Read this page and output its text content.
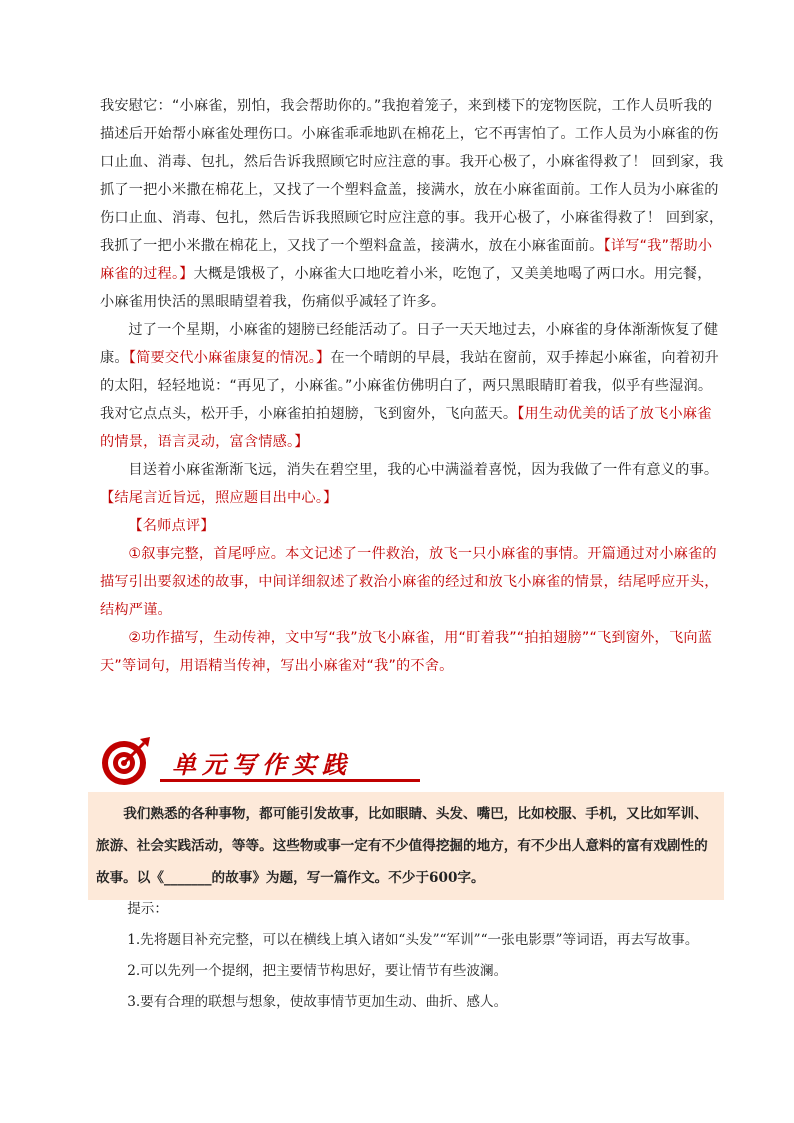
我安慰它：“小麻雀，别怕，我会帮助你的。”我抱着笼子，来到楼下的宠物医院，工作人员听我的描述后开始帮小麻雀处理伤口。小麻雀乖乖地趴在棉花上，它不再害怕了。工作人员为小麻雀的伤口止血、消毒、包扎，然后告诉我照顾它时应注意的事。我开心极了，小麻雀得救了！ 回到家，我抓了一把小米撒在棉花上，又找了一个塑料盒盖，接满水，放在小麻雀面前。工作人员为小麻雀的伤口止血、消毒、包扎，然后告诉我照顾它时应注意的事。我开心极了，小麻雀得救了！ 回到家，我抓了一把小米撒在棉花上，又找了一个塑料盒盖，接满水，放在小麻雀面前。【详写“我”帮助小麻雀的过程。】大概是饿极了，小麻雀大口地吃着小米，吃饱了，又美美地喝了两口水。用完餐，小麻雀用快活的黑眼睛望着我，伤痛似乎减轻了许多。

过了一个星期，小麻雀的翅膀已经能活动了。日子一天天地过去，小麻雀的身体渐渐恢复了健康。【简要交代小麻雀康复的情况。】在一个晴朗的早晨，我站在窗前，双手捧起小麻雀，向着初升的太阳，轻轻地说：“再见了，小麻雀。”小麻雀仿佛明白了，两只黑眼睛盯着我，似乎有些湿润。我对它点点头，松开手，小麻雀拍拍翅膀，飞到窗外，飞向蓝天。【用生动优美的话了放飞小麻雀的情景，语言灵动，富含情感。】

目送着小麻雀渐渐飞远，消失在碧空里，我的心中满溢着喜悦，因为我做了一件有意义的事。【结尾言近旨远，照应题目出中心。】

【名师点评】

①叙事完整，首尾呼应。本文记述了一件救治，放飞一只小麻雀的事情。开篇通过对小麻雀的描写引出要叙述的故事，中间详细叙述了救治小麻雀的经过和放飞小麻雀的情景，结尾呼应开头，结构严谨。

②功作描写，生动传神，文中写“我”放飞小麻雀，用“盯着我”“拍拍翅膀”“飞到窗外，飞向蓝天”等词句，用语精当传神，写出小麻雀对“我”的不舍。

单元写作实践
我们熟悉的各种事物，都可能引发故事，比如眼睛、头发、嘴巴，比如校服、手机，又比如军训、旅游、社会实践活动，等等。这些物或事一定有不少值得挖掘的地方，有不少出人意料的富有戏剧性的故事。以《_______的故事》为题，写一篇作文。不少于600字。

提示：

1.先将题目补充完整，可以在横线上填入诸如“头发”“军训”“一张电影票”等词语，再去写故事。

2.可以先列一个提纲，把主要情节构思好，要让情节有些波澜。

3.要有合理的联想与想象，使故事情节更加生动、曲折、感人。
